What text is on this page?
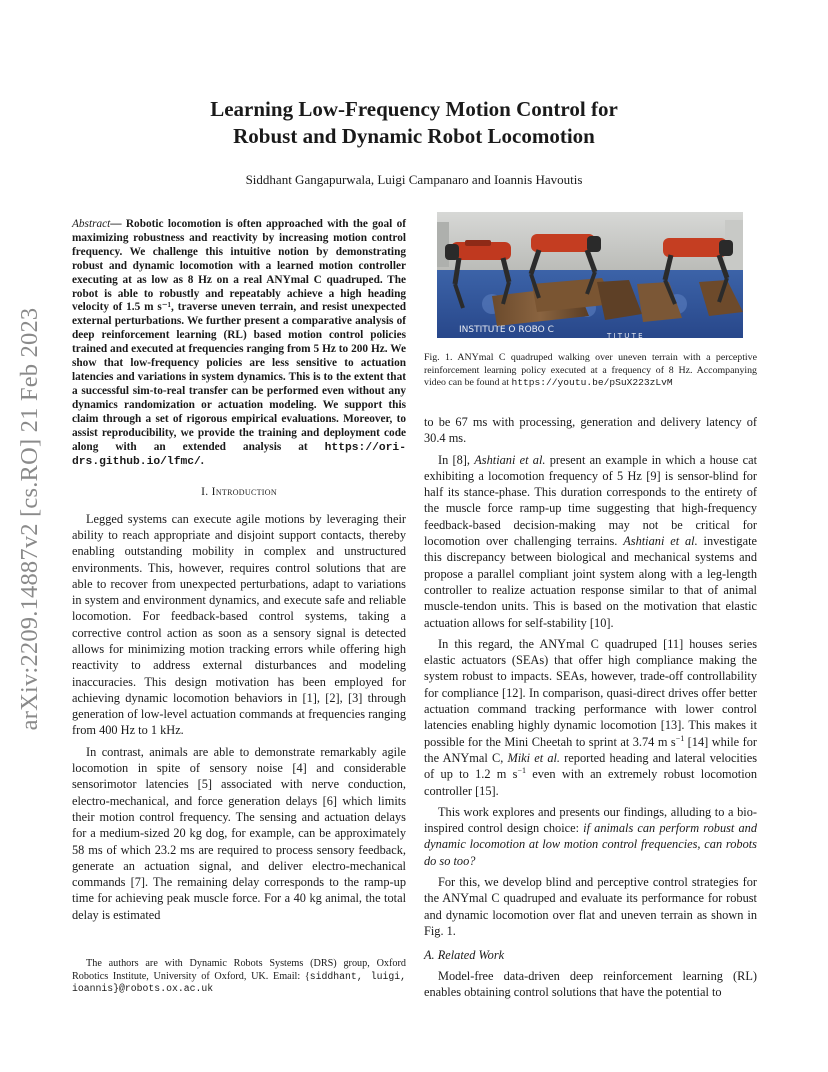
arXiv:2209.14887v2 [cs.RO] 21 Feb 2023
Learning Low-Frequency Motion Control for
Robust and Dynamic Robot Locomotion
Siddhant Gangapurwala, Luigi Campanaro and Ioannis Havoutis
Abstract— Robotic locomotion is often approached with the goal of maximizing robustness and reactivity by increasing motion control frequency. We challenge this intuitive notion by demonstrating robust and dynamic locomotion with a learned motion controller executing at as low as 8 Hz on a real ANYmal C quadruped. The robot is able to robustly and repeatably achieve a high heading velocity of 1.5 m s⁻¹, traverse uneven terrain, and resist unexpected external perturbations. We further present a comparative analysis of deep reinforcement learning (RL) based motion control policies trained and executed at frequencies ranging from 5 Hz to 200 Hz. We show that low-frequency policies are less sensitive to actuation latencies and variations in system dynamics. This is to the extent that a successful sim-to-real transfer can be performed even without any dynamics randomization or actuation modeling. We support this claim through a set of rigorous empirical evaluations. Moreover, to assist reproducibility, we provide the training and deployment code along with an extended analysis at https://ori-drs.github.io/lfmc/.
I. Introduction

Legged systems can execute agile motions by leveraging their ability to reach appropriate and disjoint support contacts, thereby enabling outstanding mobility in complex and unstructured environments. This, however, requires control solutions that are able to recover from unexpected perturbations, adapt to variations in system and environment dynamics, and execute safe and reliable locomotion. For feedback-based control systems, taking a corrective control action as soon as a sensory signal is detected allows for minimizing motion tracking errors while offering high reactivity to address external disturbances and modeling inaccuracies. This design motivation has been employed for achieving dynamic locomotion behaviors in [1], [2], [3] through generation of low-level actuation commands at frequencies ranging from 400 Hz to 1 kHz.

In contrast, animals are able to demonstrate remarkably agile locomotion in spite of sensory noise [4] and considerable sensorimotor latencies [5] associated with nerve conduction, electro-mechanical, and force generation delays [6] which limits their motion control frequency. The sensing and actuation delays for a medium-sized 20 kg dog, for example, can be approximately 58 ms of which 23.2 ms are required to process sensory feedback, generate an actuation signal, and deliver electro-mechanical commands [7]. The remaining delay corresponds to the ramp-up time for achieving peak muscle force. For a 40 kg animal, the total delay is estimated

The authors are with Dynamic Robots Systems (DRS) group, Oxford Robotics Institute, University of Oxford, UK. Email: {siddhant, luigi, ioannis}@robots.ox.ac.uk
INSTITUTE O ROBO C
T I T U T E
Fig. 1. ANYmal C quadruped walking over uneven terrain with a perceptive reinforcement learning policy executed at a frequency of 8 Hz. Accompanying video can be found at https://youtu.be/pSuX223zLvM

to be 67 ms with processing, generation and delivery latency of 30.4 ms.

In [8], Ashtiani et al. present an example in which a house cat exhibiting a locomotion frequency of 5 Hz [9] is sensor-blind for half its stance-phase. This duration corresponds to the entirety of the muscle force ramp-up time suggesting that high-frequency feedback-based decision-making may not be critical for locomotion over challenging terrains. Ashtiani et al. investigate this discrepancy between biological and mechanical systems and propose a parallel compliant joint system along with a leg-length controller to realize actuation response similar to that of animal muscle-tendon units. This is based on the motivation that elastic actuation allows for self-stability [10].

In this regard, the ANYmal C quadruped [11] houses series elastic actuators (SEAs) that offer high compliance making the system robust to impacts. SEAs, however, trade-off controllability for compliance [12]. In comparison, quasi-direct drives offer better actuation command tracking performance with lower control latencies enabling highly dynamic locomotion [13]. This makes it possible for the Mini Cheetah to sprint at 3.74 m $s^{-1}$ [14] while for the ANYmal C, Miki et al. reported heading and lateral velocities of up to 1.2 m $s^{-1}$ even with an extremely robust locomotion controller [15].

This work explores and presents our findings, alluding to a bio-inspired control design choice: if animals can perform robust and dynamic locomotion at low motion control frequencies, can robots do so too?

For this, we develop blind and perceptive control strategies for the ANYmal C quadruped and evaluate its performance for robust and dynamic locomotion over flat and uneven terrain as shown in Fig. 1.

A. Related Work

Model-free data-driven deep reinforcement learning (RL) enables obtaining control solutions that have the potential to
